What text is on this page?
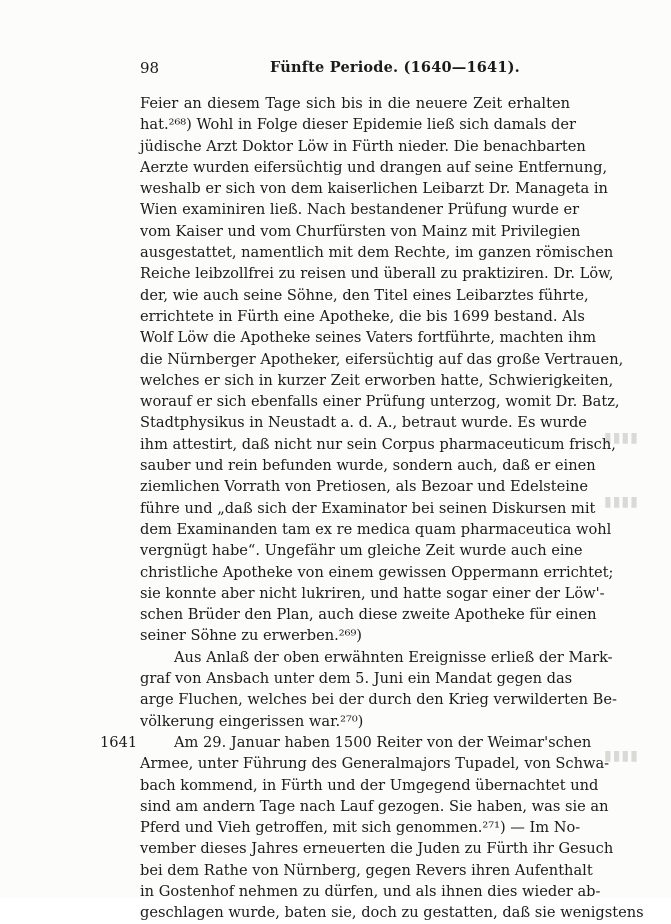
98	Fünfte Periode. (1640—1641).
▮▮▮▮
▮▮▮▮
▮▮▮▮
Feier an diesem Tage sich bis in die neuere Zeit erhalten
hat.²⁶⁸) Wohl in Folge dieser Epidemie ließ sich damals der
jüdische Arzt Doktor Löw in Fürth nieder. Die benachbarten
Aerzte wurden eifersüchtig und drangen auf seine Entfernung,
weshalb er sich von dem kaiserlichen Leibarzt Dr. Manageta in
Wien examiniren ließ. Nach bestandener Prüfung wurde er
vom Kaiser und vom Churfürsten von Mainz mit Privilegien
ausgestattet, namentlich mit dem Rechte, im ganzen römischen
Reiche leibzollfrei zu reisen und überall zu praktiziren. Dr. Löw,
der, wie auch seine Söhne, den Titel eines Leibarztes führte,
errichtete in Fürth eine Apotheke, die bis 1699 bestand. Als
Wolf Löw die Apotheke seines Vaters fortführte, machten ihm
die Nürnberger Apotheker, eifersüchtig auf das große Vertrauen,
welches er sich in kurzer Zeit erworben hatte, Schwierigkeiten,
worauf er sich ebenfalls einer Prüfung unterzog, womit Dr. Batz,
Stadtphysikus in Neustadt a. d. A., betraut wurde. Es wurde
ihm attestirt, daß nicht nur sein Corpus pharmaceuticum frisch,
sauber und rein befunden wurde, sondern auch, daß er einen
ziemlichen Vorrath von Pretiosen, als Bezoar und Edelsteine
führe und „daß sich der Examinator bei seinen Diskursen mit
dem Examinanden tam ex re medica quam pharmaceutica wohl
vergnügt habe“. Ungefähr um gleiche Zeit wurde auch eine
christliche Apotheke von einem gewissen Oppermann errichtet;
sie konnte aber nicht lukriren, und hatte sogar einer der Löw'-
schen Brüder den Plan, auch diese zweite Apotheke für einen
seiner Söhne zu erwerben.²⁶⁹)
Aus Anlaß der oben erwähnten Ereignisse erließ der Mark-
graf von Ansbach unter dem 5. Juni ein Mandat gegen das
arge Fluchen, welches bei der durch den Krieg verwilderten Be-
völkerung eingerissen war.²⁷⁰)
Am 29. Januar haben 1500 Reiter von der Weimar'schen
1641
Armee, unter Führung des Generalmajors Tupadel, von Schwa-
bach kommend, in Fürth und der Umgegend übernachtet und
sind am andern Tage nach Lauf gezogen. Sie haben, was sie an
Pferd und Vieh getroffen, mit sich genommen.²⁷¹) — Im No-
vember dieses Jahres erneuerten die Juden zu Fürth ihr Gesuch
bei dem Rathe von Nürnberg, gegen Revers ihren Aufenthalt
in Gostenhof nehmen zu dürfen, und als ihnen dies wieder ab-
geschlagen wurde, baten sie, doch zu gestatten, daß sie wenigstens
